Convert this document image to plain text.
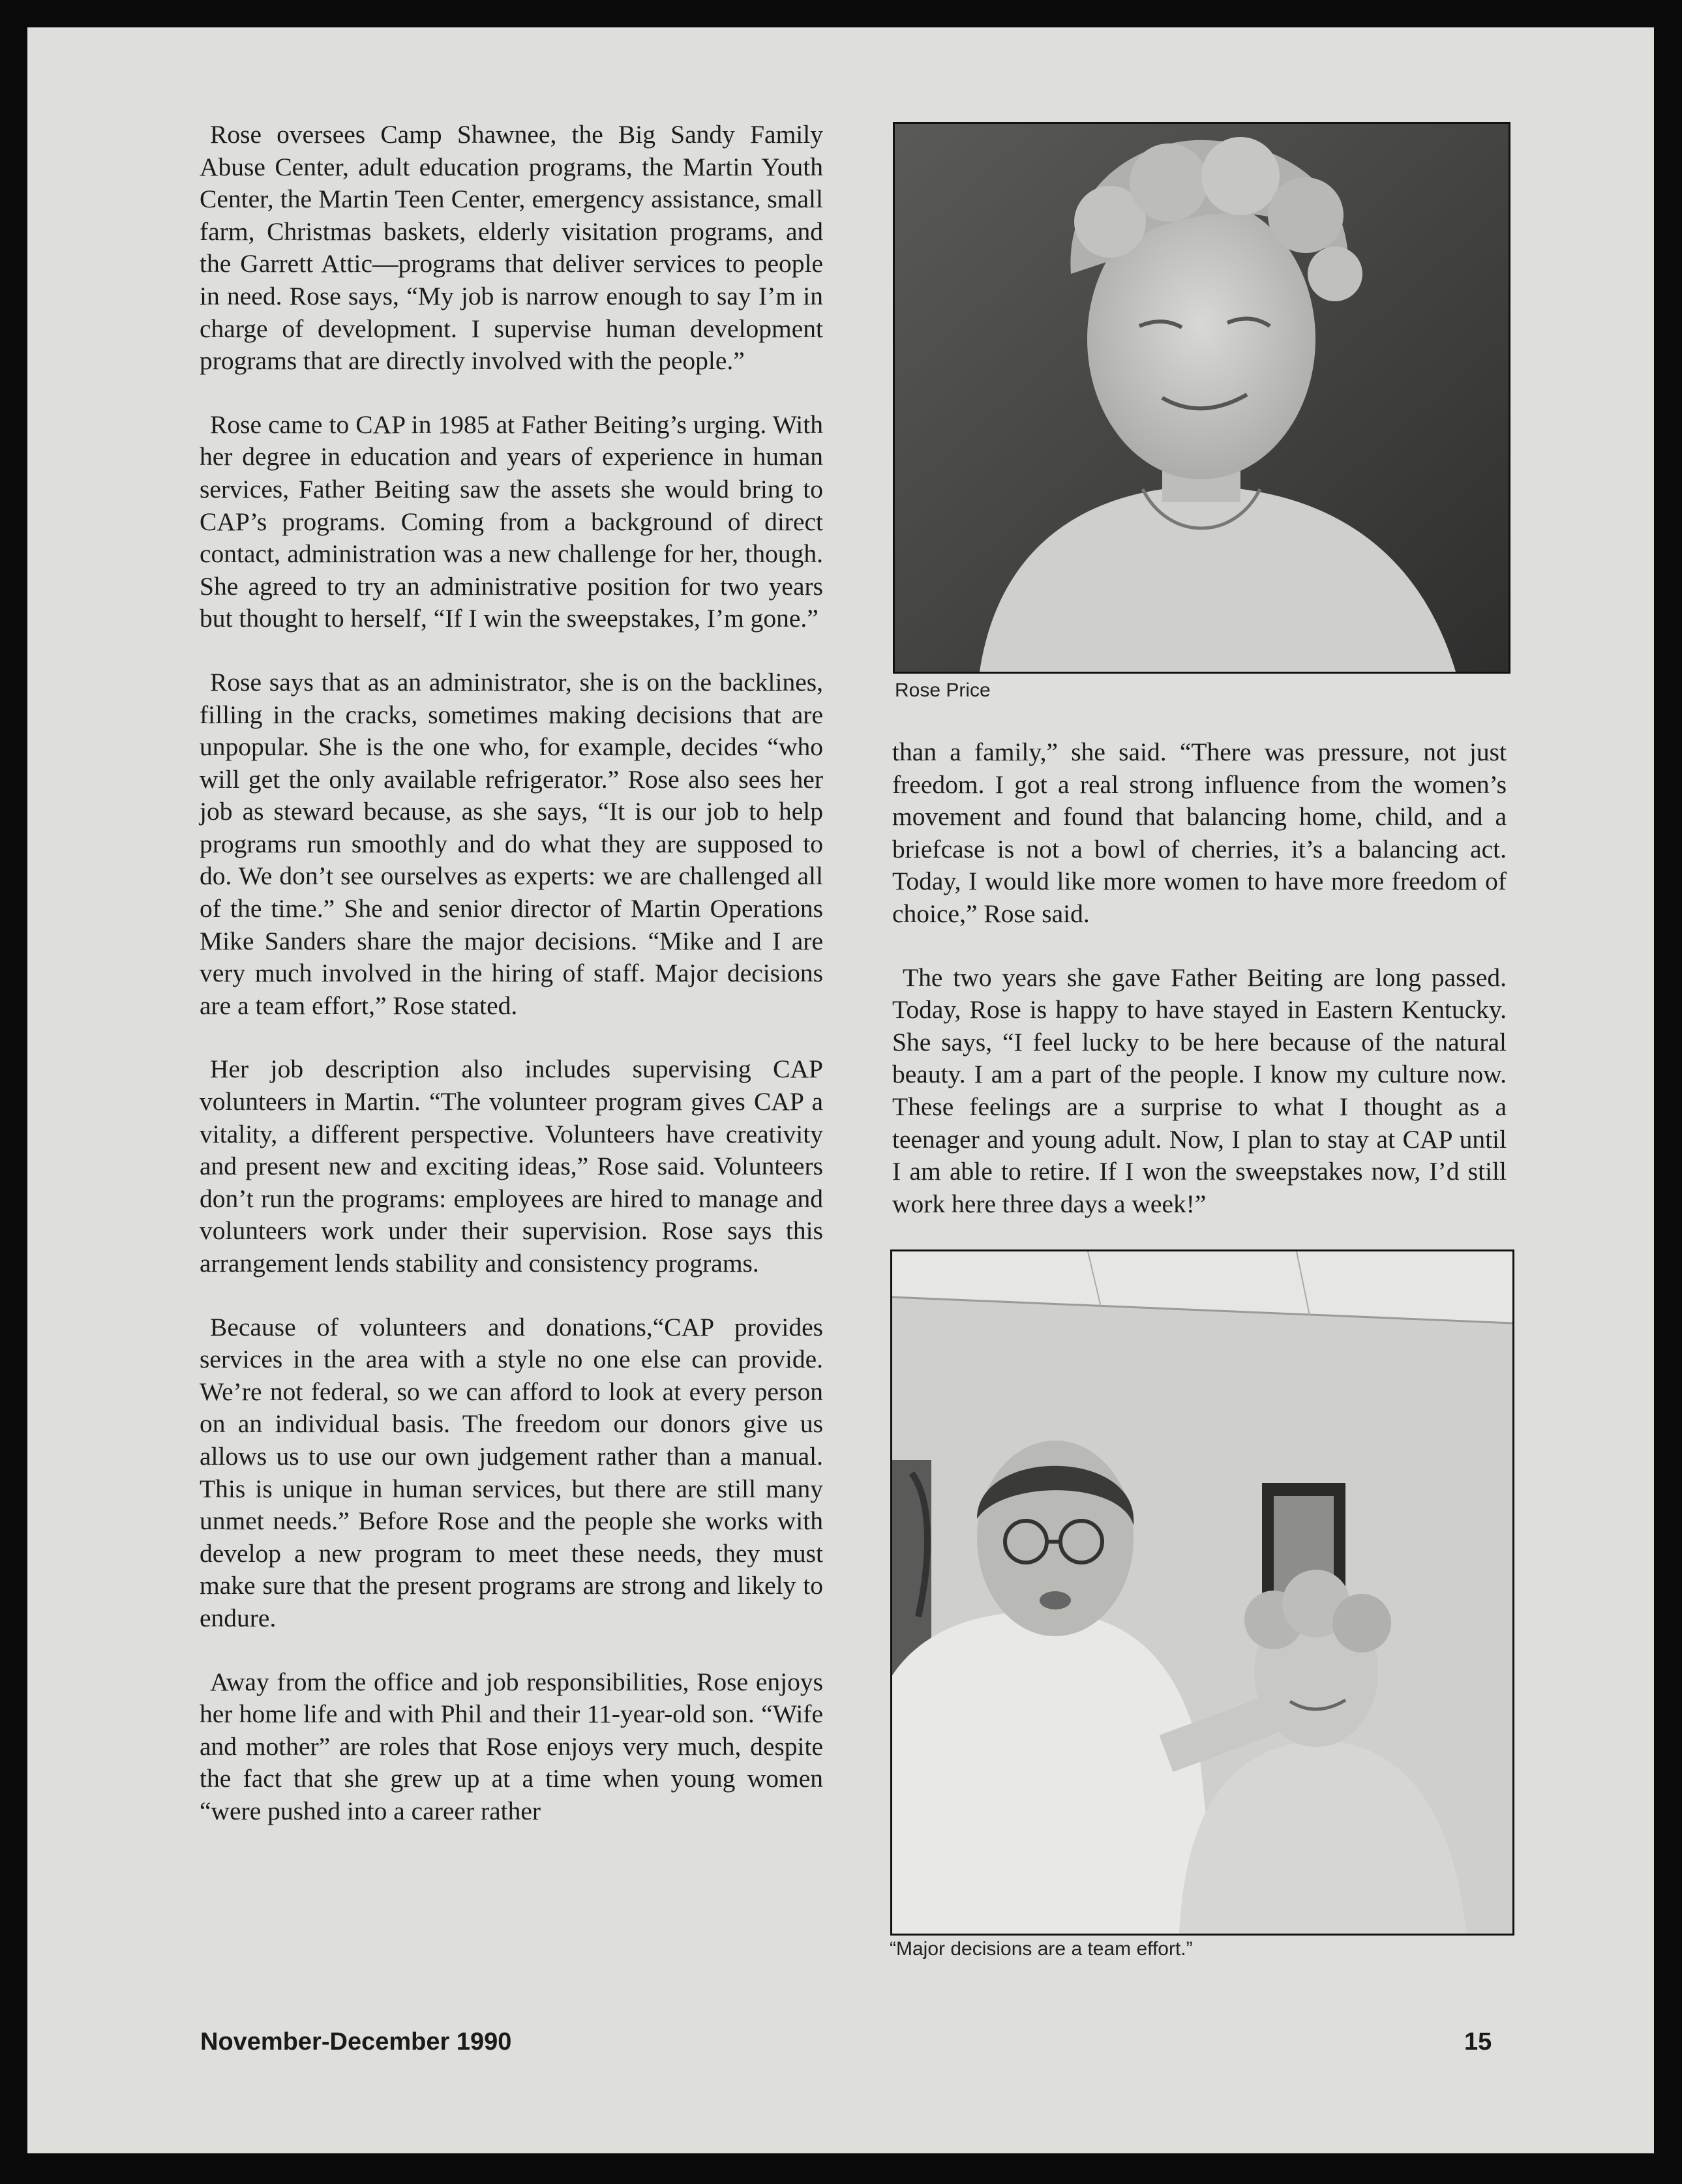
Rose oversees Camp Shawnee, the Big Sandy Family Abuse Center, adult education programs, the Martin Youth Center, the Martin Teen Center, emergency assistance, small farm, Christmas baskets, elderly visitation programs, and the Garrett Attic—programs that deliver services to people in need. Rose says, “My job is narrow enough to say I’m in charge of development. I supervise human development programs that are directly involved with the people.”

Rose came to CAP in 1985 at Father Beiting’s urging. With her degree in education and years of experience in human services, Father Beiting saw the assets she would bring to CAP’s programs. Coming from a background of direct contact, administration was a new challenge for her, though. She agreed to try an administrative position for two years but thought to herself, “If I win the sweepstakes, I’m gone.”

Rose says that as an administrator, she is on the backlines, filling in the cracks, sometimes making decisions that are unpopular. She is the one who, for example, decides “who will get the only available refrigerator.” Rose also sees her job as steward because, as she says, “It is our job to help programs run smoothly and do what they are supposed to do. We don’t see ourselves as experts: we are challenged all of the time.” She and senior director of Martin Operations Mike Sanders share the major decisions. “Mike and I are very much involved in the hiring of staff. Major decisions are a team effort,” Rose stated.

Her job description also includes supervising CAP volunteers in Martin. “The volunteer program gives CAP a vitality, a different perspective. Volunteers have creativity and present new and exciting ideas,” Rose said. Volunteers don’t run the programs: employees are hired to manage and volunteers work under their supervision. Rose says this arrangement lends stability and consistency programs.

Because of volunteers and donations,“CAP provides services in the area with a style no one else can provide. We’re not federal, so we can afford to look at every person on an individual basis. The freedom our donors give us allows us to use our own judgement rather than a manual. This is unique in human services, but there are still many unmet needs.” Before Rose and the people she works with develop a new program to meet these needs, they must make sure that the present programs are strong and likely to endure.

Away from the office and job responsibilities, Rose enjoys her home life and with Phil and their 11-year-old son. “Wife and mother” are roles that Rose enjoys very much, despite the fact that she grew up at a time when young women “were pushed into a career rather

Rose Price

than a family,” she said. “There was pressure, not just freedom. I got a real strong influence from the women’s movement and found that balancing home, child, and a briefcase is not a bowl of cherries, it’s a balancing act. Today, I would like more women to have more freedom of choice,” Rose said.

The two years she gave Father Beiting are long passed. Today, Rose is happy to have stayed in Eastern Kentucky. She says, “I feel lucky to be here because of the natural beauty. I am a part of the people. I know my culture now. These feelings are a surprise to what I thought as a teenager and young adult. Now, I plan to stay at CAP until I am able to retire. If I won the sweepstakes now, I’d still work here three days a week!”

“Major decisions are a team effort.”
November-December 1990	15
